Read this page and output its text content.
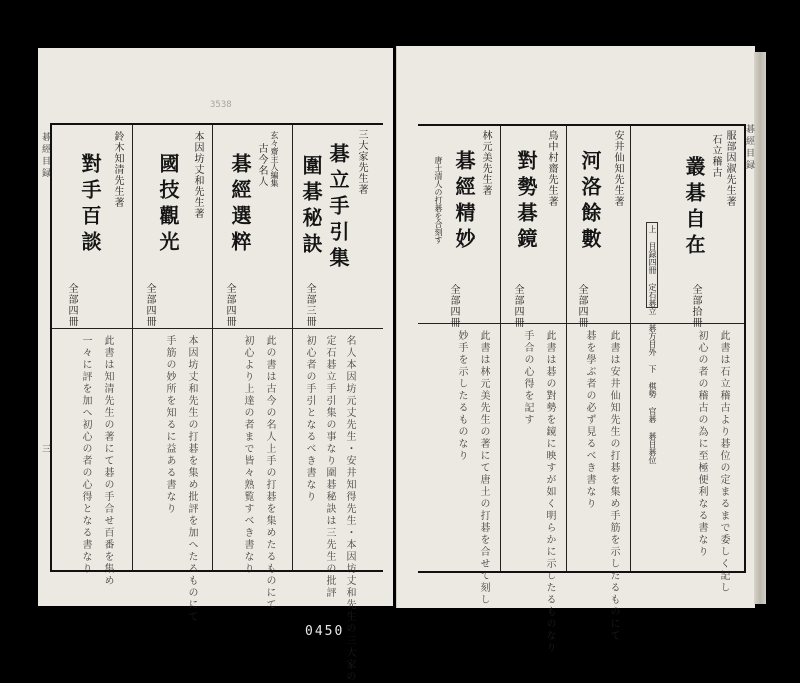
碁經目録
三
3538
三大家先生著
碁立手引集
圍碁秘訣
全部三冊
名人本因坊元丈先生・安井知得先生・本因坊丈和先生の三大家の
定石碁立手引集の事なり圍碁秘訣は三先生の批評
初心者の手引となるべき書なり
玄々齋主人編集
古今名人
碁經選粹
全部四冊
此の書は古今の名人上手の打碁を集めたるものにて
初心より上達の者まで皆々熟覧すべき書なり
本因坊丈和先生著
國技觀光
全部四冊
本因坊丈和先生の打碁を集め批評を加へたるものにて
手筋の妙所を知るに益ある書なり
鈴木知清先生著
對手百談
全部四冊
此書は知清先生の著にて碁の手合せ百番を集め
一々に評を加へ初心の者の心得となる書なり
碁經目録
服部因淑先生著
石立稽古
叢碁自在
上 目録四冊 定石碁立 碁方目外 下 棋勢 官碁 碁目碁位
全部拾冊
此書は石立稽古より碁位の定まるまで委しく記し
初心の者の稽古の為に至極便利なる書なり
安井仙知先生著
河洛餘數
全部四冊
此書は安井仙知先生の打碁を集め手筋を示したるものにて
碁を學ぶ者の必ず見るべき書なり
鳥中村齋先生著
對勢碁鏡
全部四冊
此書は碁の對勢を鏡に映すが如く明らかに示したるものなり
手合の心得を記す
林元美先生著
碁經精妙
唐土清人の打碁を合刻す
全部四冊
此書は林元美先生の著にて唐土の打碁を合せて刻し
妙手を示したるものなり
0450
